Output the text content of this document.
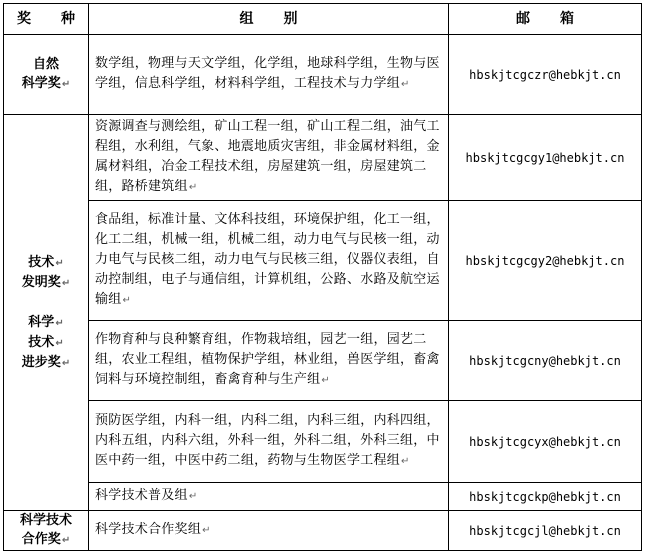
奖 种	组 别	邮 箱

自然
科学奖↵	数学组，物理与天文学组，化学组，地球科学组，生物与医学组，信息科学组，材料科学组，工程技术与力学组↵	hbskjtcgczr@hebkjt.cn

技术↵
发明奖↵
科学↵
技术↵
进步奖↵	资源调查与测绘组，矿山工程一组，矿山工程二组，油气工程组，水利组，气象、地震地质灾害组，非金属材料组，金属材料组，冶金工程技术组，房屋建筑一组，房屋建筑二组，路桥建筑组↵	hbskjtcgcgy1@hebkjt.cn
	食品组，标准计量、文体科技组，环境保护组，化工一组，化工二组，机械一组，机械二组，动力电气与民核一组，动力电气与民核二组，动力电气与民核三组，仪器仪表组，自动控制组，电子与通信组，计算机组，公路、水路及航空运输组↵	hbskjtcgcgy2@hebkjt.cn
	作物育种与良种繁育组，作物栽培组，园艺一组，园艺二组，农业工程组，植物保护学组，林业组，兽医学组，畜禽饲料与环境控制组，畜禽育种与生产组↵	hbskjtcgcny@hebkjt.cn
	预防医学组，内科一组，内科二组，内科三组，内科四组，内科五组，内科六组，外科一组，外科二组，外科三组，中医中药一组，中医中药二组，药物与生物医学工程组↵	hbskjtcgcyx@hebkjt.cn
	科学技术普及组↵	hbskjtcgckp@hebkjt.cn

科学技术
合作奖↵	科学技术合作奖组↵	hbskjtcgcjl@hebkjt.cn
